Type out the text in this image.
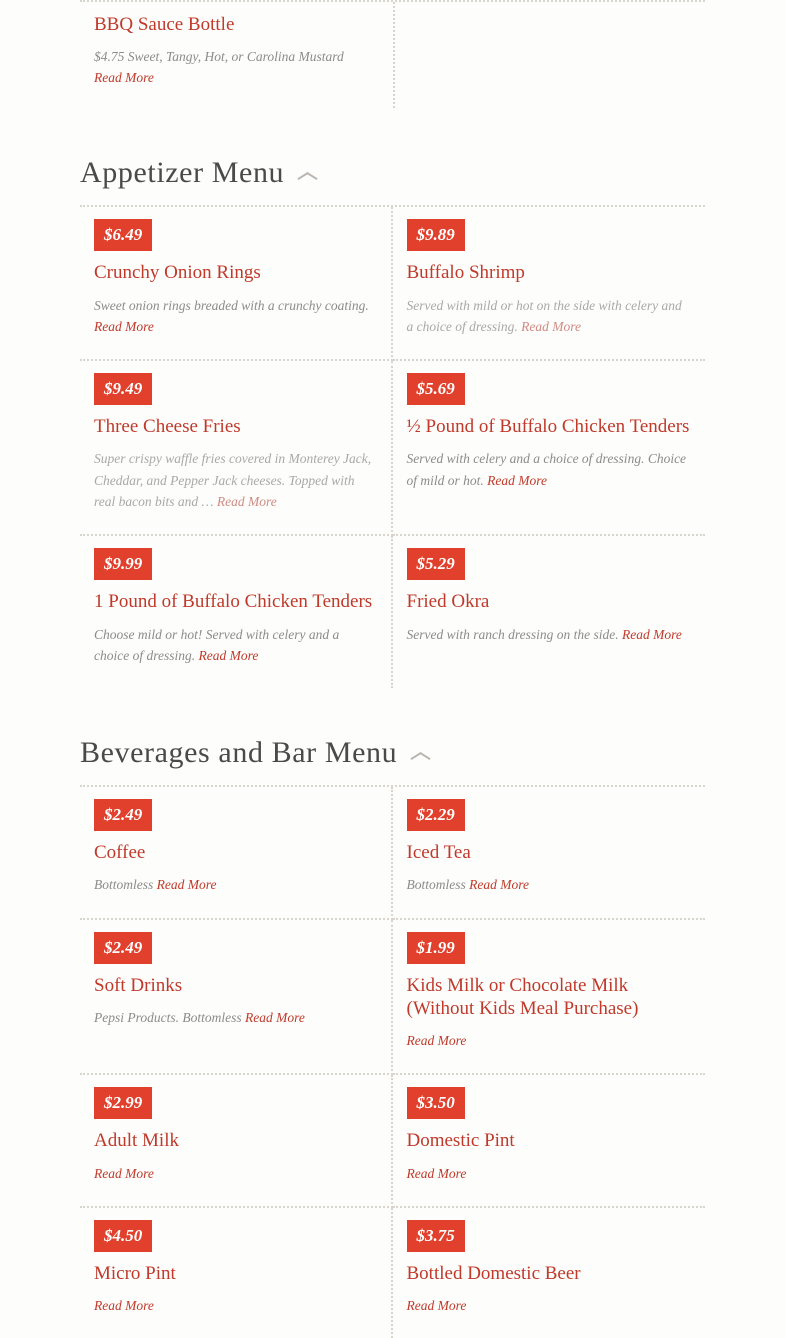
BBQ Sauce Bottle

$4.75 Sweet, Tangy, Hot, or Carolina Mustard
Read More

Appetizer Menu
$6.49
Crunchy Onion Rings

Sweet onion rings breaded with a crunchy coating. Read More

$9.89
Buffalo Shrimp

Served with mild or hot on the side with celery and a choice of dressing. Read More

$9.49
Three Cheese Fries

Super crispy waffle fries covered in Monterey Jack, Cheddar, and Pepper Jack cheeses. Topped with real bacon bits and … Read More

$5.69
½ Pound of Buffalo Chicken Tenders

Served with celery and a choice of dressing. Choice of mild or hot. Read More

$9.99
1 Pound of Buffalo Chicken Tenders

Choose mild or hot! Served with celery and a choice of dressing. Read More

$5.29
Fried Okra

Served with ranch dressing on the side. Read More

Beverages and Bar Menu
$2.49
Coffee

Bottomless Read More

$2.29
Iced Tea

Bottomless Read More

$2.49
Soft Drinks

Pepsi Products. Bottomless Read More

$1.99
Kids Milk or Chocolate Milk (Without Kids Meal Purchase)
Read More
$2.99
Adult Milk
Read More
$3.50
Domestic Pint
Read More
$4.50
Micro Pint
Read More
$3.75
Bottled Domestic Beer
Read More
